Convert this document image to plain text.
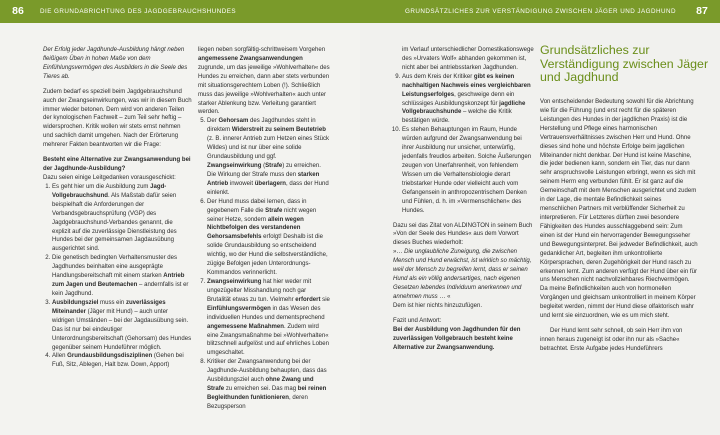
86	DIE GRUNDABRICHTUNG DES JAGDGEBRAUCHSHUNDES

Der Erfolg jeder Jagdhunde-Ausbildung hängt neben fleißigem Üben in hohen Maße von dem Einfühlungsvermögen des Ausbilders in die Seele des Tieres ab.

Zudem bedarf es speziell beim Jagdgebrauchshund auch der Zwangseinwirkungen, was wir in diesem Buch immer wieder betonen. Dem wird von anderen Teilen der kynologischen Fachwelt – zum Teil sehr heftig – widersprochen. Kritik wollen wir stets ernst nehmen und sachlich damit umgehen. Nach der Erörterung mehrerer Fakten beantworten wir die Frage:

Besteht eine Alternative zur Zwangsanwendung bei der Jagdhunde-Ausbildung?

Dazu seien einige Leitgedanken vorausgeschickt:

1. Es geht hier um die Ausbildung zum Jagd-Vollgebrauchshund. Als Maßstab dafür seien beispielhaft die Anforderungen der Verbandsgebrauchsprüfung (VGP) des Jagdgebrauchshund-Verbandes genannt, die explizit auf die zuverlässige Dienstleistung des Hundes bei der gemeinsamen Jagdausübung ausgerichtet sind.
2. Die genetisch bedingten Verhaltensmuster des Jagdhundes beinhalten eine ausgeprägte Handlungsbereitschaft mit einem starken Antrieb zum Jagen und Beutemachen – andernfalls ist er kein Jagdhund.
3. Ausbildungsziel muss ein zuverlässiges Miteinander (Jäger mit Hund) – auch unter widrigen Umständen – bei der Jagdausübung sein. Das ist nur bei eindeutiger Unterordnungsbereitschaft (Gehorsam) des Hundes gegenüber seinem Hundeführer möglich.
4. Allen Grundausbildungsdisziplinen (Gehen bei Fuß, Sitz, Ablegen, Halt bzw. Down, Apport)

liegen neben sorgfältig-schrittweisem Vorgehen angemessene Zwangsanwendungen zugrunde, um das jeweilige »Wohlverhalten« des Hundes zu erreichen, dann aber stets verbunden mit situationsgerechtem Loben (!). Schließlich muss das jeweilige »Wohlverhalten« auch unter starker Ablenkung bzw. Verleitung garantiert werden.

5. Der Gehorsam des Jagdhundes steht in direktem Widerstreit zu seinem Beutetrieb (z. B. innerer Antrieb zum Hetzen eines Stück Wildes) und ist nur über eine solide Grundausbildung und ggf. Zwangseinwirkung (Strafe) zu erreichen. Die Wirkung der Strafe muss den starken Antrieb inwoweit überlagern, dass der Hund einlenkt.
6. Der Hund muss dabei lernen, dass in gegebenem Falle die Strafe nicht wegen seiner Hetze, sondern allein wegen Nichtbefolgen des verstandenen Gehorsamsbefehls erfolgt! Deshalb ist die solide Grundausbildung so entscheidend wichtig, wo der Hund die selbstverständliche, zügige Befolgen jeden Unterordnungs-Kommandos verinnerlicht.
7. Zwangseinwirkung hat hier weder mit ungezügelter Misshandlung noch gar Brutalität etwas zu tun. Vielmehr erfordert sie Einfühlungsvermögen in das Wesen des individuellen Hundes und dementsprechend angemessene Maßnahmen. Zudem wird eine Zwangsmaßnahme bei »Wohlverhalten« blitzschnell aufgelöst und auf ehrliches Loben umgeschaltet.
8. Kritiker der Zwangsanwendung bei der Jagdhunde-Ausbildung behaupten, dass das Ausbildungsziel auch ohne Zwang und Strafe zu erreichen sei. Das mag bei reinen Begleithunden funktionieren, deren Bezugsperson
GRUNDSÄTZLICHES ZUR VERSTÄNDIGUNG ZWISCHEN JÄGER UND JAGDHUND	87

im Verlauf unterschiedlicher Domestikationswege des »Urvaters Wolf« abhanden gekommen ist, nicht aber bei antriebsstarken Jagdhunden.

9. Aus dem Kreis der Kritiker gibt es keinen nachhaltigen Nachweis eines vergleichbaren Leistungserfolges, geschweige denn ein schlüssiges Ausbildungskonzept für jagdliche Vollgebrauchshunde – welche die Kritik bestätigen würde.
10. Es stehen Behauptungen im Raum, Hunde würden aufgrund der Zwangsanwendung bei ihrer Ausbildung nur unsicher, unterwürfig, jedenfalls freudlos arbeiten. Solche Äußerungen zeugen von Unerfahrenheit, von fehlendem Wissen um die Verhaltensbiologie derart triebstarker Hunde oder vielleicht auch vom Gefangensein in anthropozentrischem Denken und Fühlen, d. h. im »Vermenschlichen« des Hundes.

Dazu sei das Zitat von ALDINGTON in seinem Buch »Von der Seele des Hundes« aus dem Vorwort dieses Buches wiederholt:

»… Die unglaubliche Zuneigung, die zwischen Mensch und Hund erwächst, ist wirklich so mächtig, weil der Mensch zu begreifen lernt, dass er seinen Hund als ein völlig andersartiges, nach eigenen Gesetzen lebendes Individuum anerkennen und annehmen muss … «

Dem ist hier nichts hinzuzufügen.

Fazit und Antwort:

Bei der Ausbildung von Jagdhunden für den zuverlässigen Vollgebrauch besteht keine Alternative zur Zwangsanwendung.

Grundsätzliches zur Verständigung zwischen Jäger und Jagdhund

Von entscheidender Bedeutung sowohl für die Abrichtung wie für die Führung (und erst recht für die späteren Leistungen des Hundes in der jagdlichen Praxis) ist die Herstellung und Pflege eines harmonischen Vertrauensverhältnisses zwischen Herr und Hund. Ohne dieses sind hohe und höchste Erfolge beim jagdlichen Miteinander nicht denkbar. Der Hund ist keine Maschine, die jeder bedienen kann, sondern ein Tier, das nur dann sehr anspruchsvolle Leistungen erbringt, wenn es sich mit seinem Herrn eng verbunden fühlt. Er ist ganz auf die Gemeinschaft mit dem Menschen ausgerichtet und zudem in der Lage, die mentale Befindlichkeit seines menschlichen Partners mit verblüffender Sicherheit zu interpretieren. Für Letzteres dürften zwei besondere Fähigkeiten des Hundes ausschlaggebend sein: Zum einen ist der Hund ein hervorragender Bewegungsseher und Bewegungsinterpret. Bei jedweder Befindlichkeit, auch gedanklicher Art, begleiten ihm unkontrollierte Körpersprachen, deren Zugehörigkeit der Hund rasch zu erkennen lernt. Zum anderen verfügt der Hund über ein für uns Menschen nicht nachvollziehbares Riechvermögen. Da meine Befindlichkeiten auch von hormonellen Vorgängen und gleichsam unkontrolliert in meinem Körper begleitet werden, nimmt der Hund diese olfaktorisch wahr und lernt sie einzuordnen, wie es um mich steht.

Der Hund lernt sehr schnell, ob sein Herr ihm von innen heraus zugeneigt ist oder ihn nur als »Sache« betrachtet. Erste Aufgabe jedes Hundeführers
